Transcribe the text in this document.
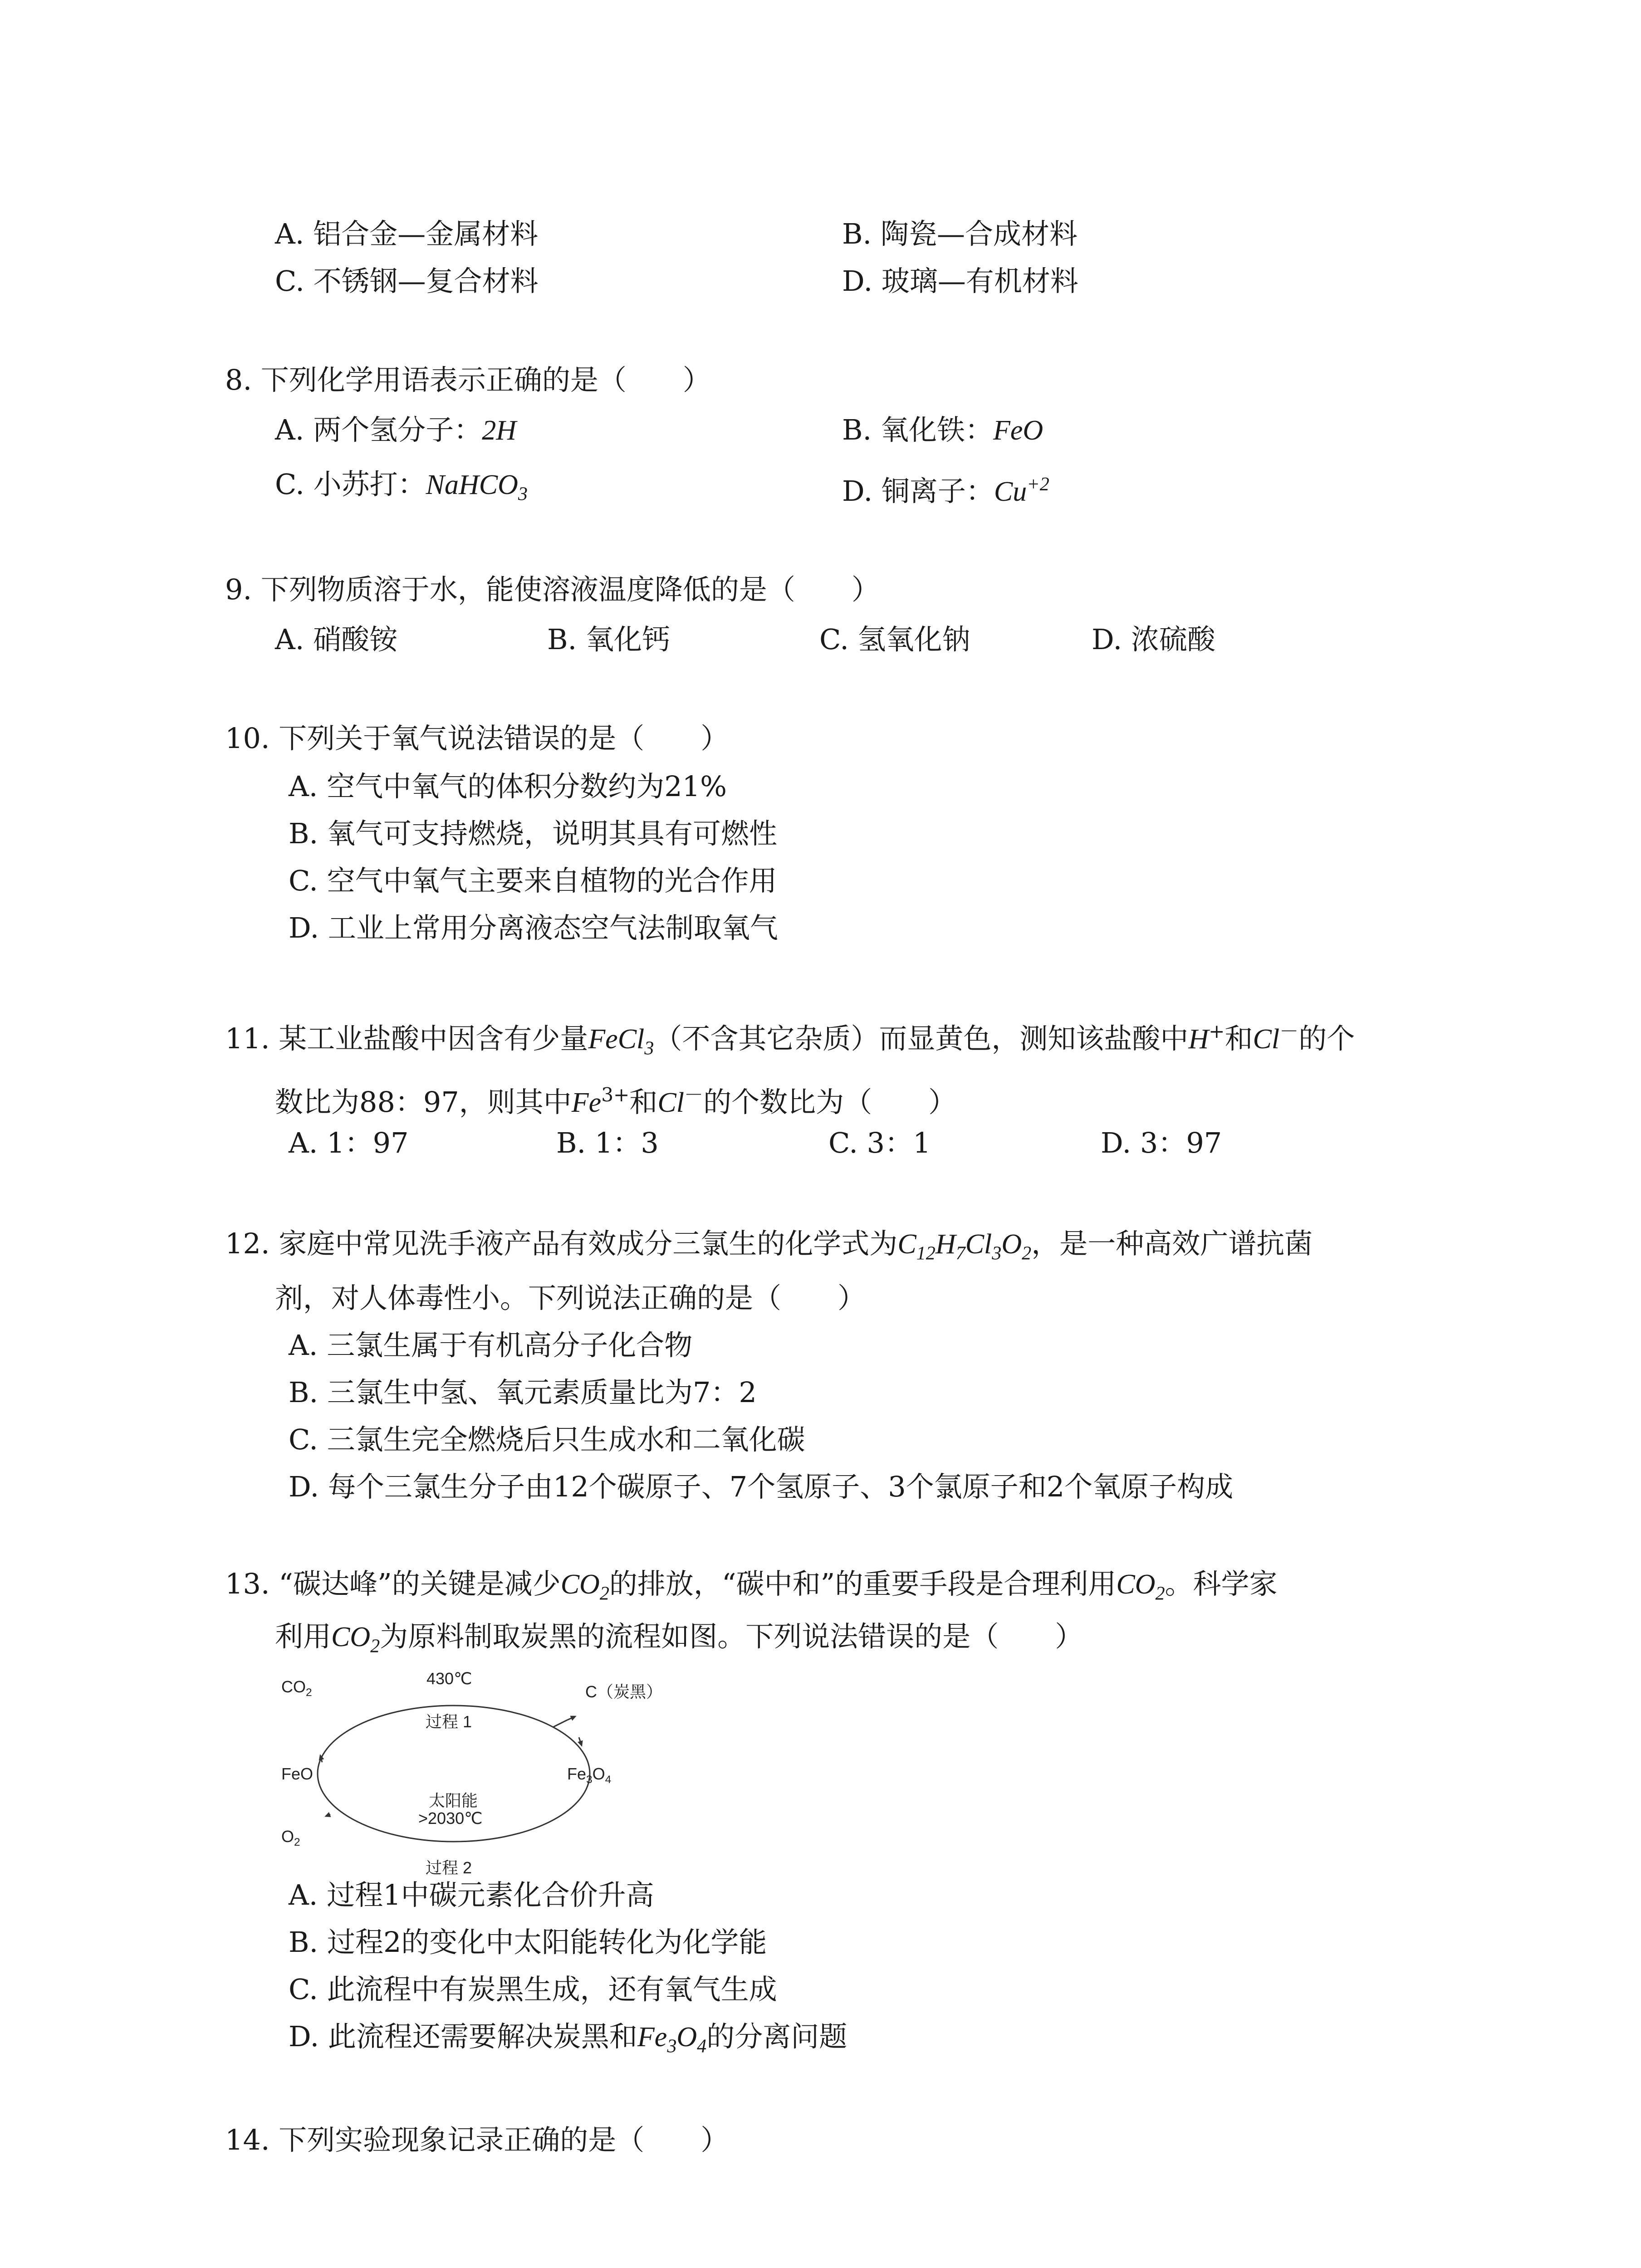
A. 铝合金—金属材料	B. 陶瓷—合成材料
C. 不锈钢—复合材料	D. 玻璃—有机材料
8. 下列化学用语表示正确的是（　　）
A. 两个氢分子：2H	B. 氧化铁：FeO
C. 小苏打：NaHCO$_3$	D. 铜离子：$Cu^{+2}$
9. 下列物质溶于水，能使溶液温度降低的是（　　）
A. 硝酸铵	B. 氧化钙	C. 氢氧化钠	D. 浓硫酸
10. 下列关于氧气说法错误的是（　　）
A. 空气中氧气的体积分数约为21%
B. 氧气可支持燃烧，说明其具有可燃性
C. 空气中氧气主要来自植物的光合作用
D. 工业上常用分离液态空气法制取氧气
11. 某工业盐酸中因含有少量FeCl$_3$（不含其它杂质）而显黄色，测知该盐酸中H+和Cl－的个
数比为88：97，则其中$Fe^{3+}$和Cl－的个数比为（　　）
A. 1：97	B. 1：3	C. 3：1	D. 3：97
12. 家庭中常见洗手液产品有效成分三氯生的化学式为$C_{12}H_7Cl_3O_2$，是一种高效广谱抗菌
剂，对人体毒性小。下列说法正确的是（　　）
A. 三氯生属于有机高分子化合物
B. 三氯生中氢、氧元素质量比为7：2
C. 三氯生完全燃烧后只生成水和二氧化碳
D. 每个三氯生分子由12个碳原子、7个氢原子、3个氯原子和2个氧原子构成
13. “碳达峰”的关键是减少$CO_2$的排放，“碳中和”的重要手段是合理利用$CO_2$。科学家
利用$CO_2$为原料制取炭黑的流程如图。下列说法错误的是（　　）
$CO_2$
430℃
过程 1
C（炭黑）
FeO	$Fe_3O_4$
太阳能
>2030℃
$O_2$
过程 2
A. 过程1中碳元素化合价升高
B. 过程2的变化中太阳能转化为化学能
C. 此流程中有炭黑生成，还有氧气生成
D. 此流程还需要解决炭黑和$Fe_3O_4$的分离问题
14. 下列实验现象记录正确的是（　　）
